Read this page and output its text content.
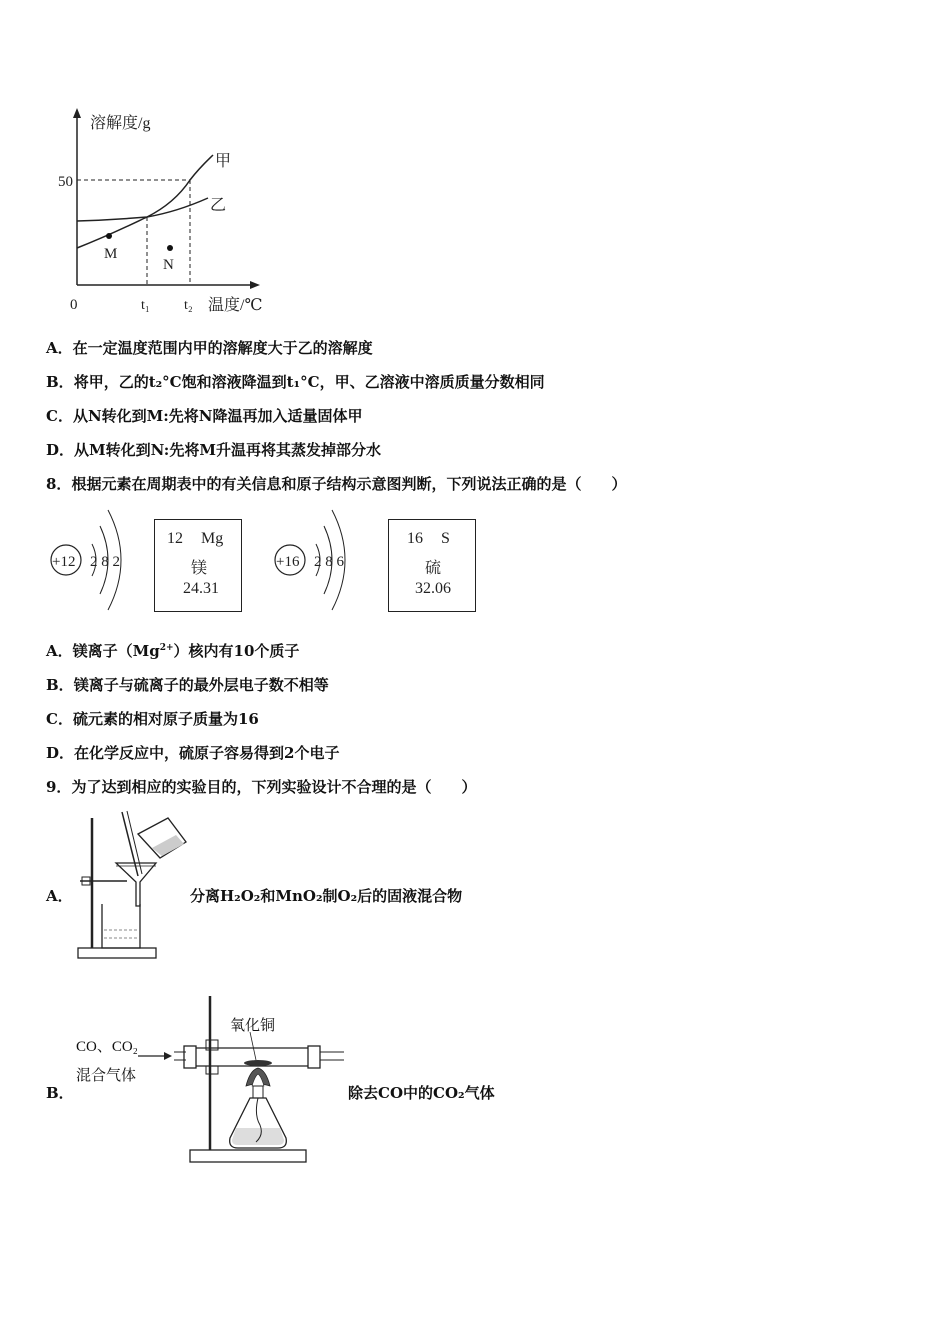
溶解度/g
温度/℃
50
0	t₁ t₂
甲
乙
M
N
A．在一定温度范围内甲的溶解度大于乙的溶解度
B．将甲，乙的t₂°C饱和溶液降温到t₁°C，甲、乙溶液中溶质质量分数相同
C．从N转化到M:先将N降温再加入适量固体甲
D．从M转化到N:先将M升温再将其蒸发掉部分水
8．根据元素在周期表中的有关信息和原子结构示意图判断，下列说法正确的是（　　）
+12 2 8 2
12 Mg
镁
24.31
+16 2 8 6
16 S
硫
32.06
A．镁离子$(Mg^{2+})$核内有10个质子
B．镁离子与硫离子的最外层电子数不相等
C．硫元素的相对原子质量为16
D．在化学反应中，硫原子容易得到2个电子
9．为了达到相应的实验目的，下列实验设计不合理的是（　　）
A．	分离H₂O₂和MnO₂制O₂后的固液混合物
B．
CO、CO₂
混合气体
氧化铜
除去CO中的CO₂气体
